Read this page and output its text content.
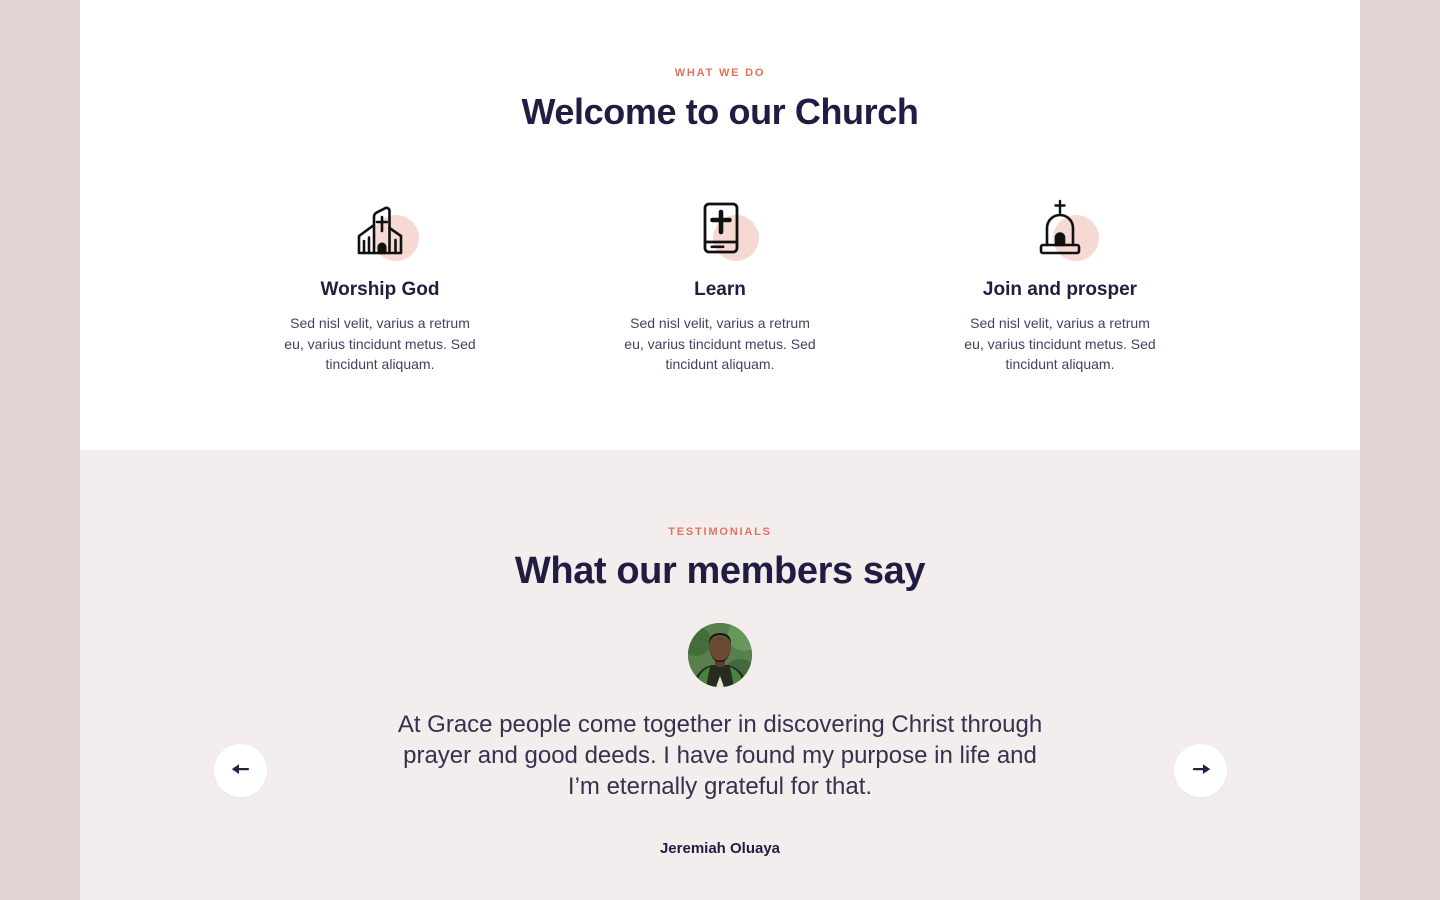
WHAT WE DO
Welcome to our Church
Worship God

Sed nisl velit, varius a retrum eu, varius tincidunt metus. Sed tincidunt aliquam.

Learn

Sed nisl velit, varius a retrum eu, varius tincidunt metus. Sed tincidunt aliquam.

Join and prosper

Sed nisl velit, varius a retrum eu, varius tincidunt metus. Sed tincidunt aliquam.

TESTIMONIALS
What our members say

At Grace people come together in discovering Christ through prayer and good deeds. I have found my purpose in life and I’m eternally grateful for that.

Jeremiah Oluaya
